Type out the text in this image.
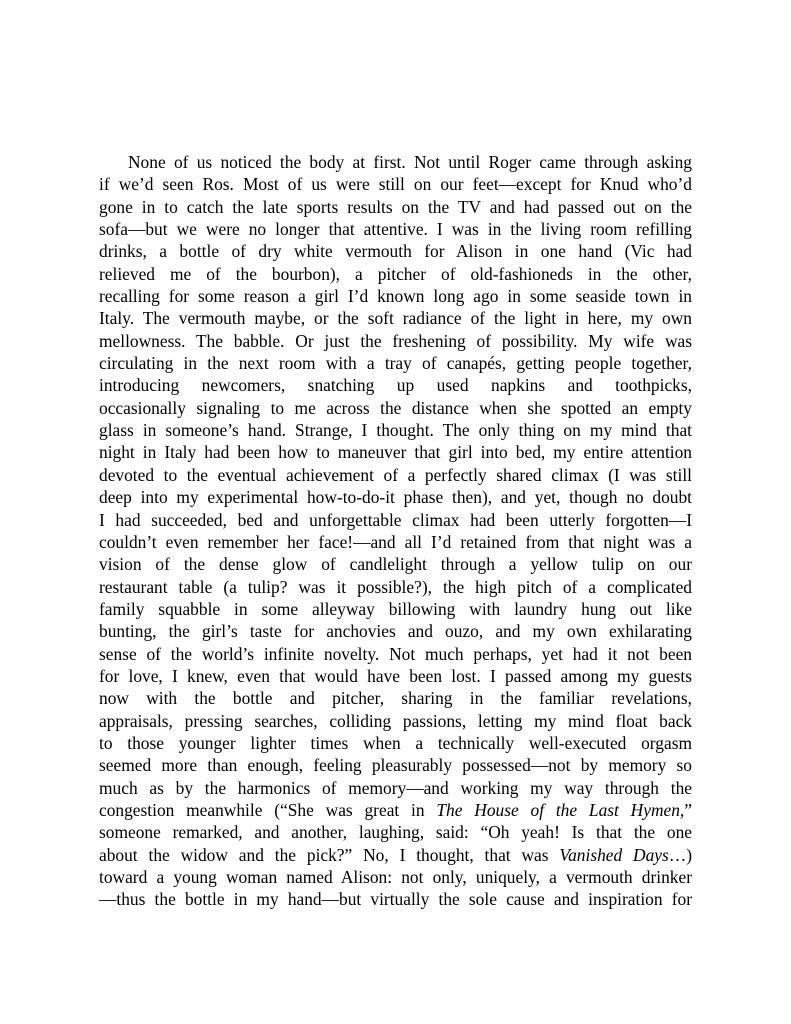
None of us noticed the body at first. Not until Roger came through asking
if we’d seen Ros. Most of us were still on our feet—except for Knud who’d
gone in to catch the late sports results on the TV and had passed out on the
sofa—but we were no longer that attentive. I was in the living room refilling
drinks, a bottle of dry white vermouth for Alison in one hand (Vic had
relieved me of the bourbon), a pitcher of old-fashioneds in the other,
recalling for some reason a girl I’d known long ago in some seaside town in
Italy. The vermouth maybe, or the soft radiance of the light in here, my own
mellowness. The babble. Or just the freshening of possibility. My wife was
circulating in the next room with a tray of canapés, getting people together,
introducing newcomers, snatching up used napkins and toothpicks,
occasionally signaling to me across the distance when she spotted an empty
glass in someone’s hand. Strange, I thought. The only thing on my mind that
night in Italy had been how to maneuver that girl into bed, my entire attention
devoted to the eventual achievement of a perfectly shared climax (I was still
deep into my experimental how-to-do-it phase then), and yet, though no doubt
I had succeeded, bed and unforgettable climax had been utterly forgotten—I
couldn’t even remember her face!—and all I’d retained from that night was a
vision of the dense glow of candlelight through a yellow tulip on our
restaurant table (a tulip? was it possible?), the high pitch of a complicated
family squabble in some alleyway billowing with laundry hung out like
bunting, the girl’s taste for anchovies and ouzo, and my own exhilarating
sense of the world’s infinite novelty. Not much perhaps, yet had it not been
for love, I knew, even that would have been lost. I passed among my guests
now with the bottle and pitcher, sharing in the familiar revelations,
appraisals, pressing searches, colliding passions, letting my mind float back
to those younger lighter times when a technically well-executed orgasm
seemed more than enough, feeling pleasurably possessed—not by memory so
much as by the harmonics of memory—and working my way through the
congestion meanwhile (“She was great in The House of the Last Hymen,”
someone remarked, and another, laughing, said: “Oh yeah! Is that the one
about the widow and the pick?” No, I thought, that was Vanished Days…)
toward a young woman named Alison: not only, uniquely, a vermouth drinker
—thus the bottle in my hand—but virtually the sole cause and inspiration for
